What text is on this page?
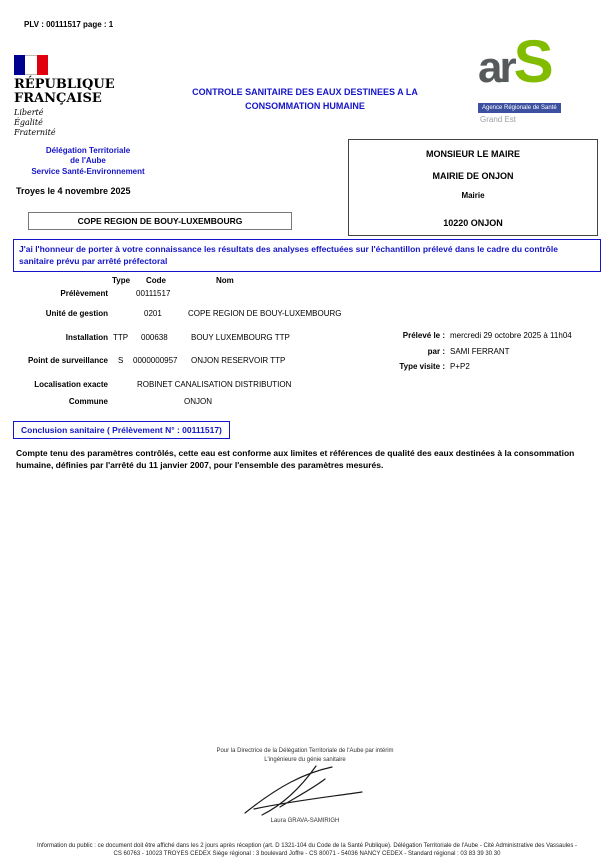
PLV : 00111517 page : 1
RÉPUBLIQUE
FRANÇAISE
Liberté
Égalité
Fraternité
CONTROLE SANITAIRE DES EAUX DESTINEES A LA
CONSOMMATION HUMAINE
arS
Agence Régionale de Santé
Grand Est
Délégation Territoriale
de l'Aube
Service Santé-Environnement
Troyes le 4 novembre 2025
MONSIEUR LE MAIRE
MAIRIE DE ONJON
Mairie
10220 ONJON
COPE REGION DE BOUY-LUXEMBOURG
J'ai l'honneur de porter à votre connaissance les résultats des analyses effectuées sur l'échantillon prélevé dans le cadre du contrôle sanitaire prévu par arrêté préfectoral
Type Code	Nom
Prélèvement	00111517
Unité de gestion	0201	COPE REGION DE BOUY-LUXEMBOURG
Installation TTP 000638	BOUY LUXEMBOURG TTP
Point de surveillance S 0000000957 ONJON RESERVOIR TTP
Localisation exacte	ROBINET CANALISATION DISTRIBUTION
Commune	ONJON
Prélevé le : mercredi 29 octobre 2025 à 11h04
par : SAMI FERRANT
Type visite : P+P2
Conclusion sanitaire ( Prélèvement N° : 00111517)
Compte tenu des paramètres contrôlés, cette eau est conforme aux limites et références de qualité des eaux destinées à la consommation humaine, définies par l'arrêté du 11 janvier 2007, pour l'ensemble des paramètres mesurés.
Pour la Directrice de la Délégation Territoriale de l'Aube par intérim
L'ingénieure du génie sanitaire
Laura GRAVA-SAMIRIGH
Information du public : ce document doit être affiché dans les 2 jours après réception (art. D 1321-104 du Code de la Santé Publique). Délégation Territoriale de l'Aube - Cité Administrative des Vassaules -
CS 60763 - 10023 TROYES CEDEX Siège régional : 3 boulevard Joffre - CS 80071 - 54036 NANCY CEDEX - Standard régional : 03 83 39 30 30
